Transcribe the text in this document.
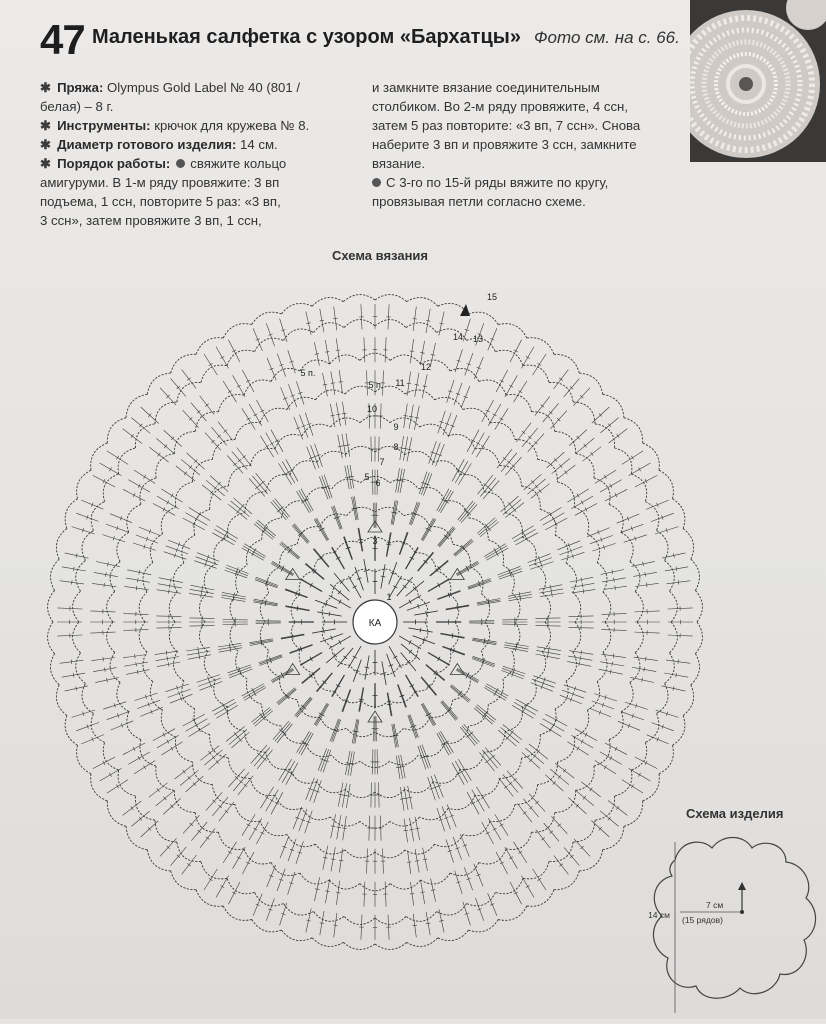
47 Маленькая салфетка с узором «Бархатцы» Фото см. на с. 66.
✱ Пряжа: Olympus Gold Label № 40 (801 /
белая) – 8 г.
✱ Инструменты: крючок для кружева № 8.
✱ Диаметр готового изделия: 14 см.
✱ Порядок работы: свяжите кольцо
амигуруми. В 1-м ряду провяжите: 3 вп
подъема, 1 ссн, повторите 5 раз: «3 вп,
3 ссн», затем провяжите 3 вп, 1 ссн,
и замкните вязание соединительным
столбиком. Во 2-м ряду провяжите, 4 ссн,
затем 5 раз повторите: «3 вп, 7 ссн». Снова
наберите 3 вп и провяжите 3 ссн, замкните
вязание.
С 3-го по 15-й ряды вяжите по кругу,
провязывая петли согласно схеме.
Схема вязания
КА
1
3
5
6
7
8
9
10
11
12
13
14
15
5 п.
5 п.
Схема изделия
14 см
7 см
(15 рядов)
